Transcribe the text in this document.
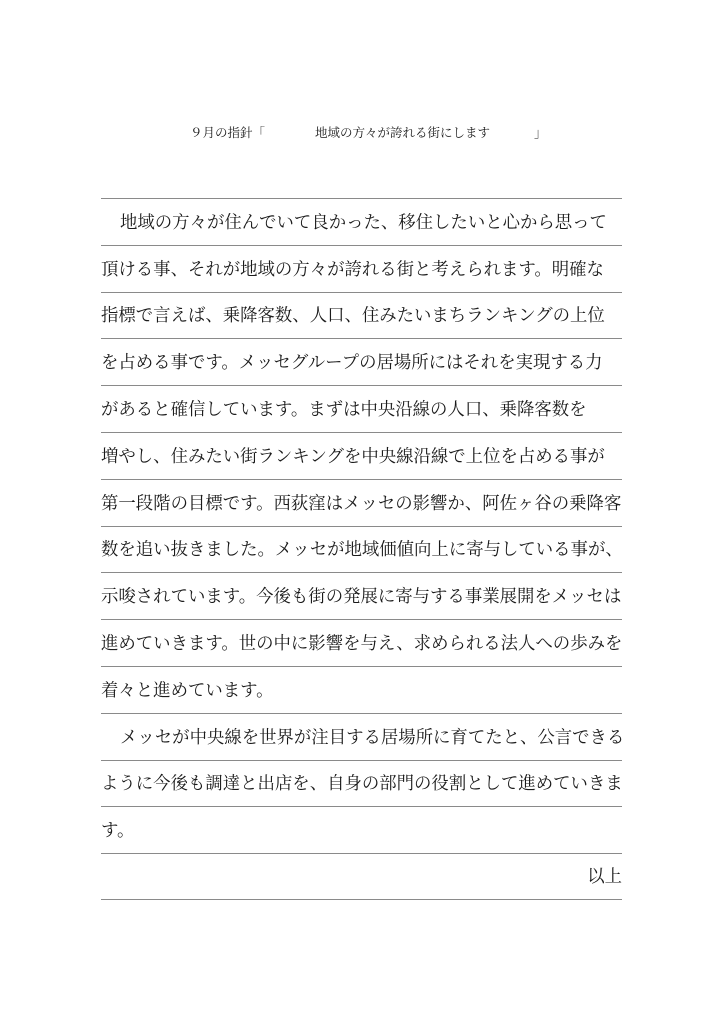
９月の指針「	地域の方々が誇れる街にします	」
地域の方々が住んでいて良かった、移住したいと心から思って
頂ける事、それが地域の方々が誇れる街と考えられます。明確な
指標で言えば、乗降客数、人口、住みたいまちランキングの上位
を占める事です。メッセグループの居場所にはそれを実現する力
があると確信しています。まずは中央沿線の人口、乗降客数を
増やし、住みたい街ランキングを中央線沿線で上位を占める事が
第一段階の目標です。西荻窪はメッセの影響か、阿佐ヶ谷の乗降客
数を追い抜きました。メッセが地域価値向上に寄与している事が、
示唆されています。今後も街の発展に寄与する事業展開をメッセは
進めていきます。世の中に影響を与え、求められる法人への歩みを
着々と進めています。
メッセが中央線を世界が注目する居場所に育てたと、公言できる
ように今後も調達と出店を、自身の部門の役割として進めていきま
す。
以上
